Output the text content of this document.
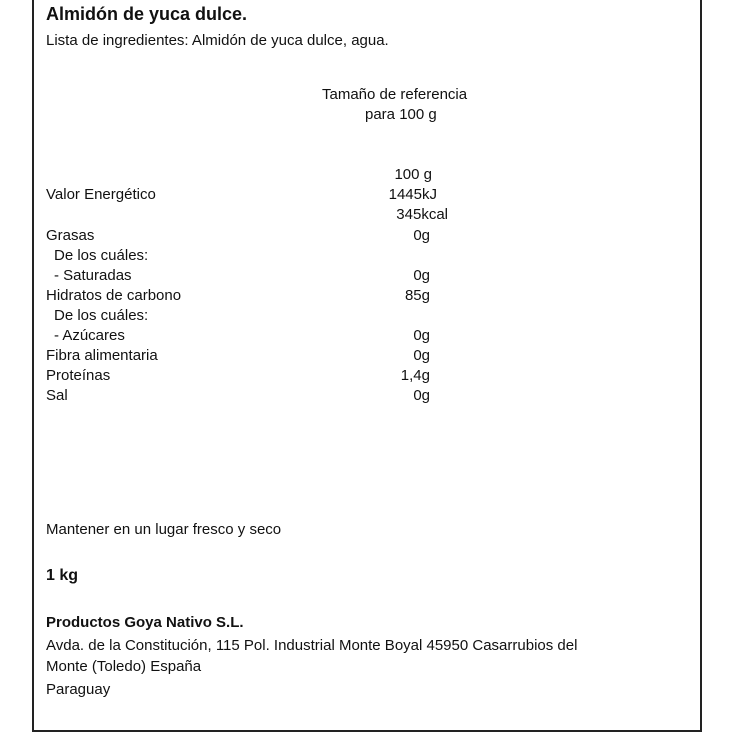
Almidón de yuca dulce.
Lista de ingredientes: Almidón de yuca dulce, agua.
Tamaño de referencia
para 100 g
100 g
Valor Energético	1445kJ
345kcal
Grasas	0g
De los cuáles:
- Saturadas	0g
Hidratos de carbono	85g
De los cuáles:
- Azúcares	0g
Fibra alimentaria	0g
Proteínas	1,4g
Sal	0g
Mantener en un lugar fresco y seco
1 kg
Productos Goya Nativo S.L.
Avda. de la Constitución, 115 Pol. Industrial Monte Boyal 45950 Casarrubios del
Monte (Toledo) España
Paraguay
